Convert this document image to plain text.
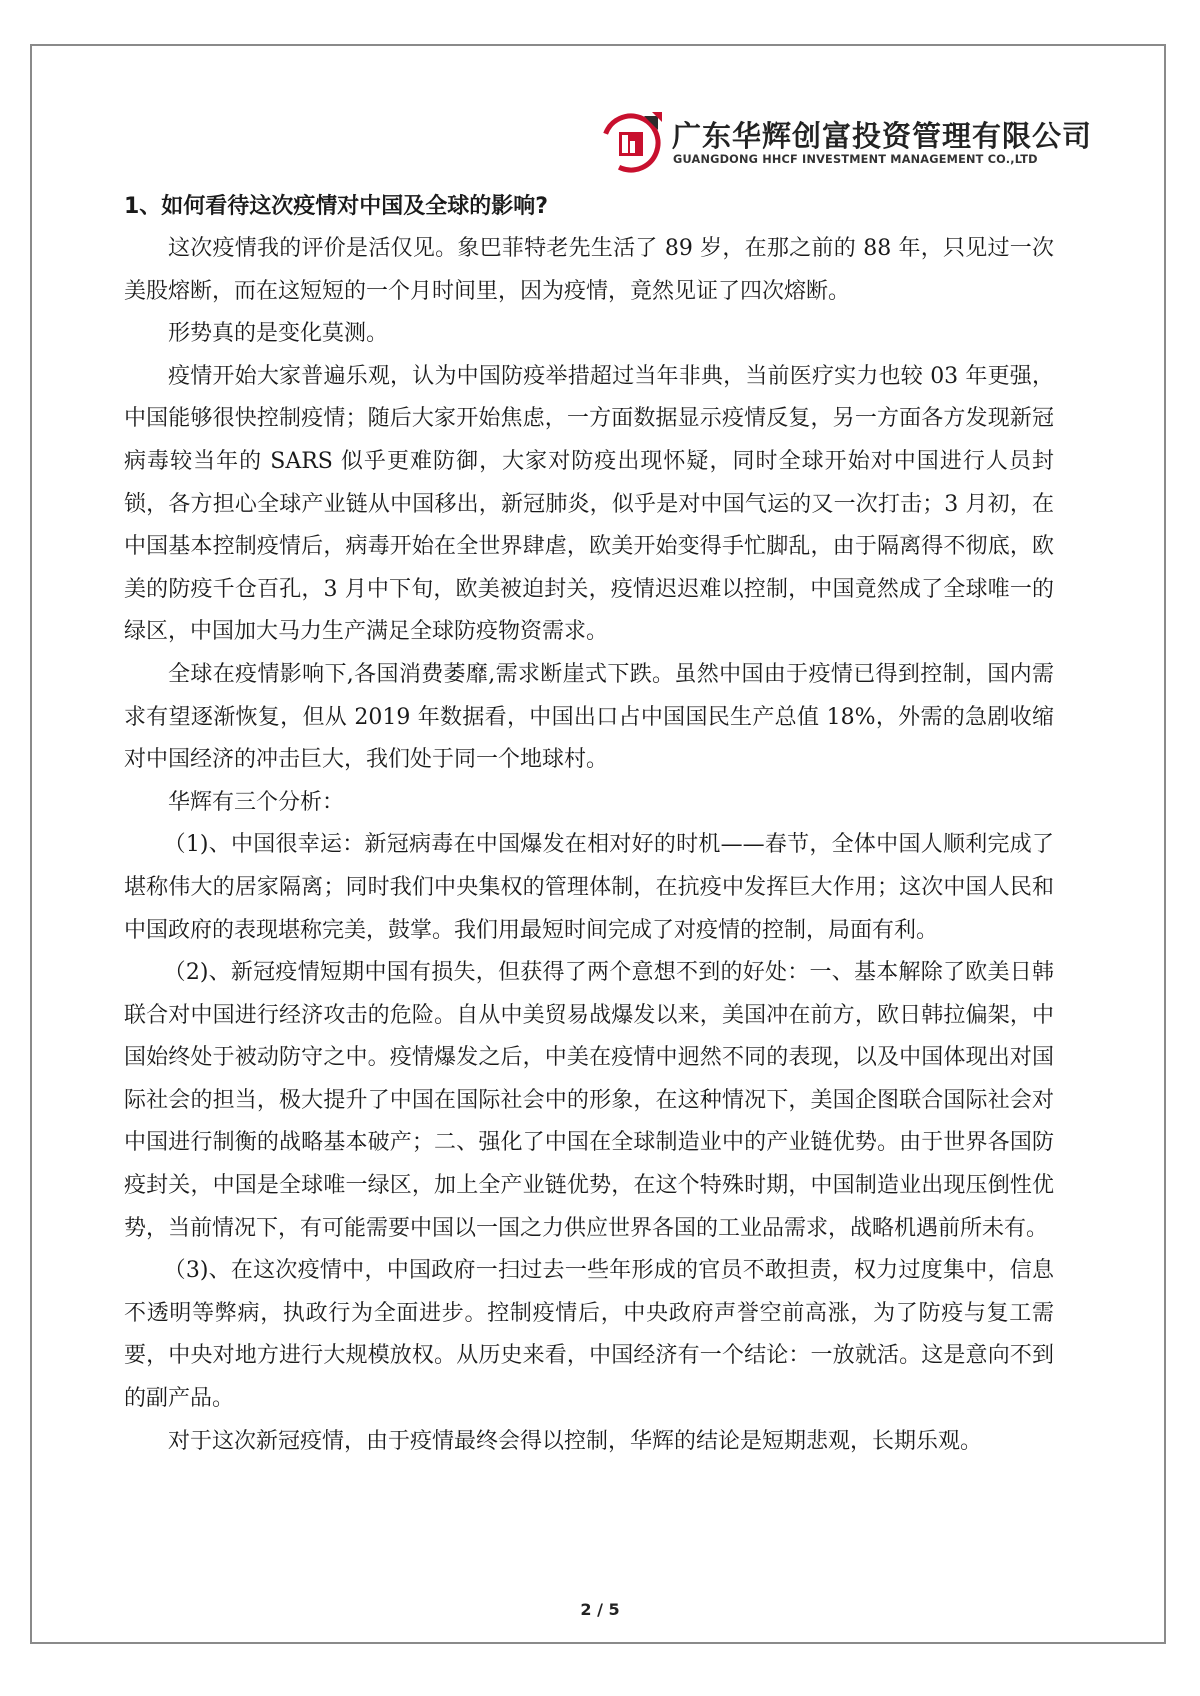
广东华辉创富投资管理有限公司
GUANGDONG HHCF INVESTMENT MANAGEMENT CO.,LTD

1、如何看待这次疫情对中国及全球的影响?

这次疫情我的评价是活仅见。象巴菲特老先生活了 89 岁，在那之前的 88 年，只见过一次美股熔断，而在这短短的一个月时间里，因为疫情，竟然见证了四次熔断。

形势真的是变化莫测。

疫情开始大家普遍乐观，认为中国防疫举措超过当年非典，当前医疗实力也较 03 年更强，中国能够很快控制疫情；随后大家开始焦虑，一方面数据显示疫情反复，另一方面各方发现新冠病毒较当年的 SARS 似乎更难防御，大家对防疫出现怀疑，同时全球开始对中国进行人员封锁，各方担心全球产业链从中国移出，新冠肺炎，似乎是对中国气运的又一次打击；3 月初，在中国基本控制疫情后，病毒开始在全世界肆虐，欧美开始变得手忙脚乱，由于隔离得不彻底，欧美的防疫千仓百孔，3 月中下旬，欧美被迫封关，疫情迟迟难以控制，中国竟然成了全球唯一的绿区，中国加大马力生产满足全球防疫物资需求。

全球在疫情影响下,各国消费萎靡,需求断崖式下跌。虽然中国由于疫情已得到控制，国内需求有望逐渐恢复，但从 2019 年数据看，中国出口占中国国民生产总值 18%，外需的急剧收缩对中国经济的冲击巨大，我们处于同一个地球村。

华辉有三个分析：

（1)、中国很幸运：新冠病毒在中国爆发在相对好的时机——春节，全体中国人顺利完成了堪称伟大的居家隔离；同时我们中央集权的管理体制，在抗疫中发挥巨大作用；这次中国人民和中国政府的表现堪称完美，鼓掌。我们用最短时间完成了对疫情的控制，局面有利。

（2)、新冠疫情短期中国有损失，但获得了两个意想不到的好处：一、基本解除了欧美日韩联合对中国进行经济攻击的危险。自从中美贸易战爆发以来，美国冲在前方，欧日韩拉偏架，中国始终处于被动防守之中。疫情爆发之后，中美在疫情中迥然不同的表现，以及中国体现出对国际社会的担当，极大提升了中国在国际社会中的形象，在这种情况下，美国企图联合国际社会对中国进行制衡的战略基本破产；二、强化了中国在全球制造业中的产业链优势。由于世界各国防疫封关，中国是全球唯一绿区，加上全产业链优势，在这个特殊时期，中国制造业出现压倒性优势，当前情况下，有可能需要中国以一国之力供应世界各国的工业品需求，战略机遇前所未有。

（3)、在这次疫情中，中国政府一扫过去一些年形成的官员不敢担责，权力过度集中，信息不透明等弊病，执政行为全面进步。控制疫情后，中央政府声誉空前高涨，为了防疫与复工需要，中央对地方进行大规模放权。从历史来看，中国经济有一个结论：一放就活。这是意向不到的副产品。

对于这次新冠疫情，由于疫情最终会得以控制，华辉的结论是短期悲观，长期乐观。

2 / 5
